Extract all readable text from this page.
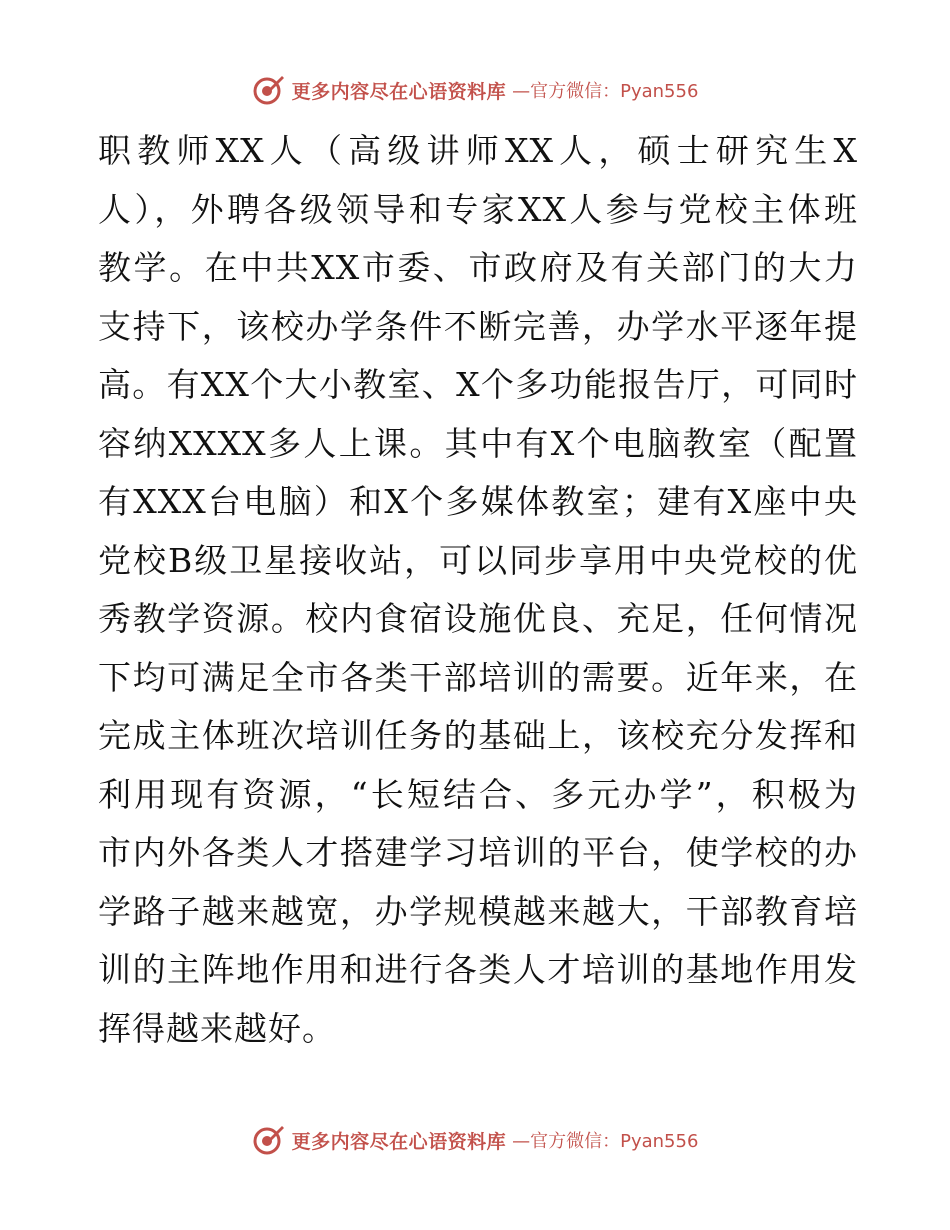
更多内容尽在心语资料库 —官方微信：Pyan556
职教师XX人（高级讲师XX人，硕士研究生X
人），外聘各级领导和专家XX人参与党校主体班
教学。在中共XX市委、市政府及有关部门的大力
支持下，该校办学条件不断完善，办学水平逐年提
高。有XX个大小教室、X个多功能报告厅，可同时
容纳XXXX多人上课。其中有X个电脑教室（配置
有XXX台电脑）和X个多媒体教室；建有X座中央
党校B级卫星接收站，可以同步享用中央党校的优
秀教学资源。校内食宿设施优良、充足，任何情况
下均可满足全市各类干部培训的需要。近年来，在
完成主体班次培训任务的基础上，该校充分发挥和
利用现有资源，“长短结合、多元办学”，积极为
市内外各类人才搭建学习培训的平台，使学校的办
学路子越来越宽，办学规模越来越大，干部教育培
训的主阵地作用和进行各类人才培训的基地作用发
挥得越来越好。
更多内容尽在心语资料库 —官方微信：Pyan556
